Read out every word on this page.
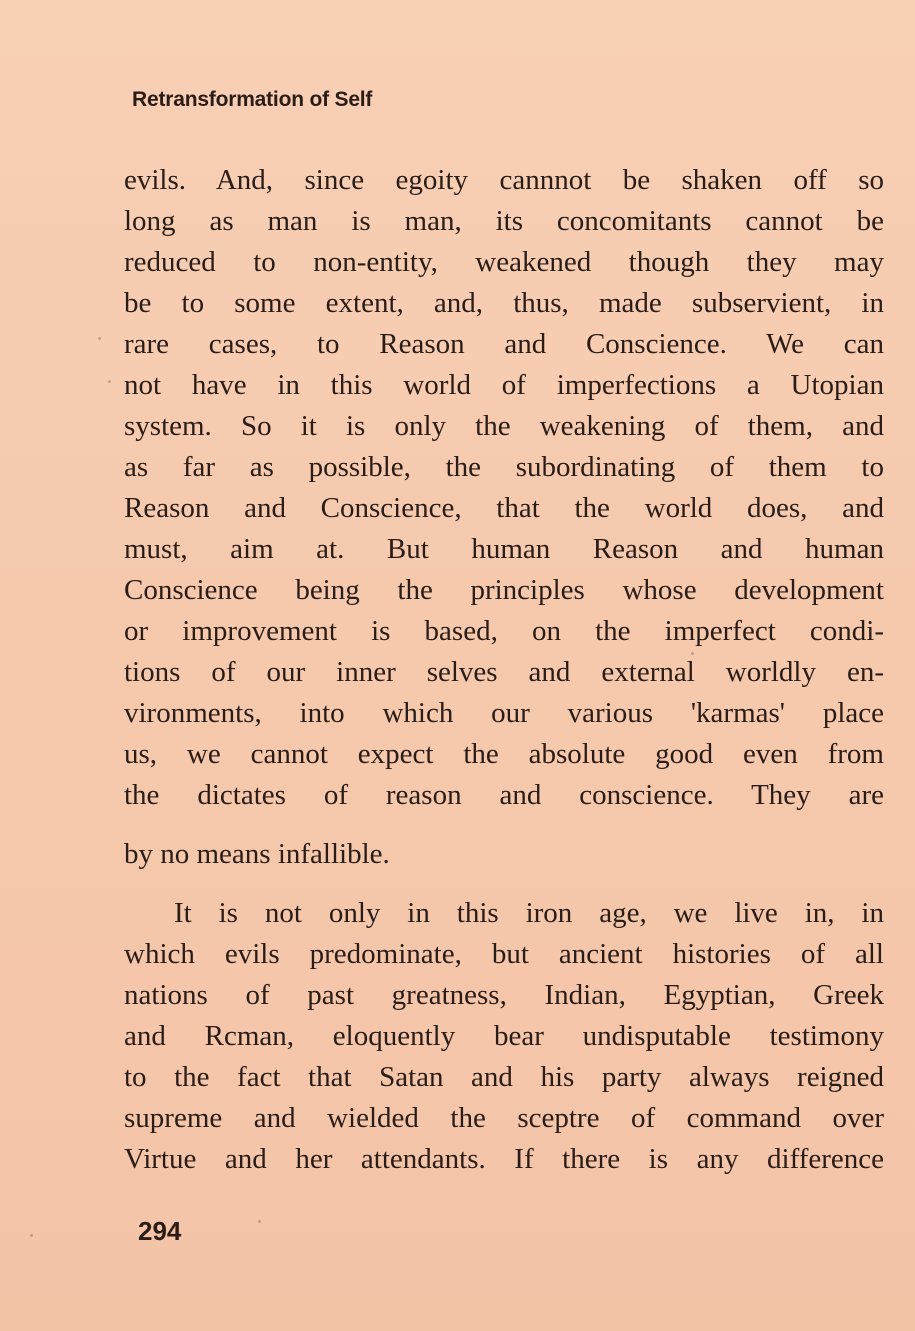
Retransformation of Self
evils. And, since egoity cannnot be shaken off so
long as man is man, its concomitants cannot be
reduced to non-entity, weakened though they may
be to some extent, and, thus, made subservient, in
rare cases, to Reason and Conscience. We can
not have in this world of imperfections a Utopian
system. So it is only the weakening of them, and
as far as possible, the subordinating of them to
Reason and Conscience, that the world does, and
must, aim at. But human Reason and human
Conscience being the principles whose development
or improvement is based, on the imperfect condi-
tions of our inner selves and external worldly en-
vironments, into which our various 'karmas' place
us, we cannot expect the absolute good even from
the dictates of reason and conscience. They are
by no means infallible.
It is not only in this iron age, we live in, in
which evils predominate, but ancient histories of all
nations of past greatness, Indian, Egyptian, Greek
and Rcman, eloquently bear undisputable testimony
to the fact that Satan and his party always reigned
supreme and wielded the sceptre of command over
Virtue and her attendants. If there is any difference
294
